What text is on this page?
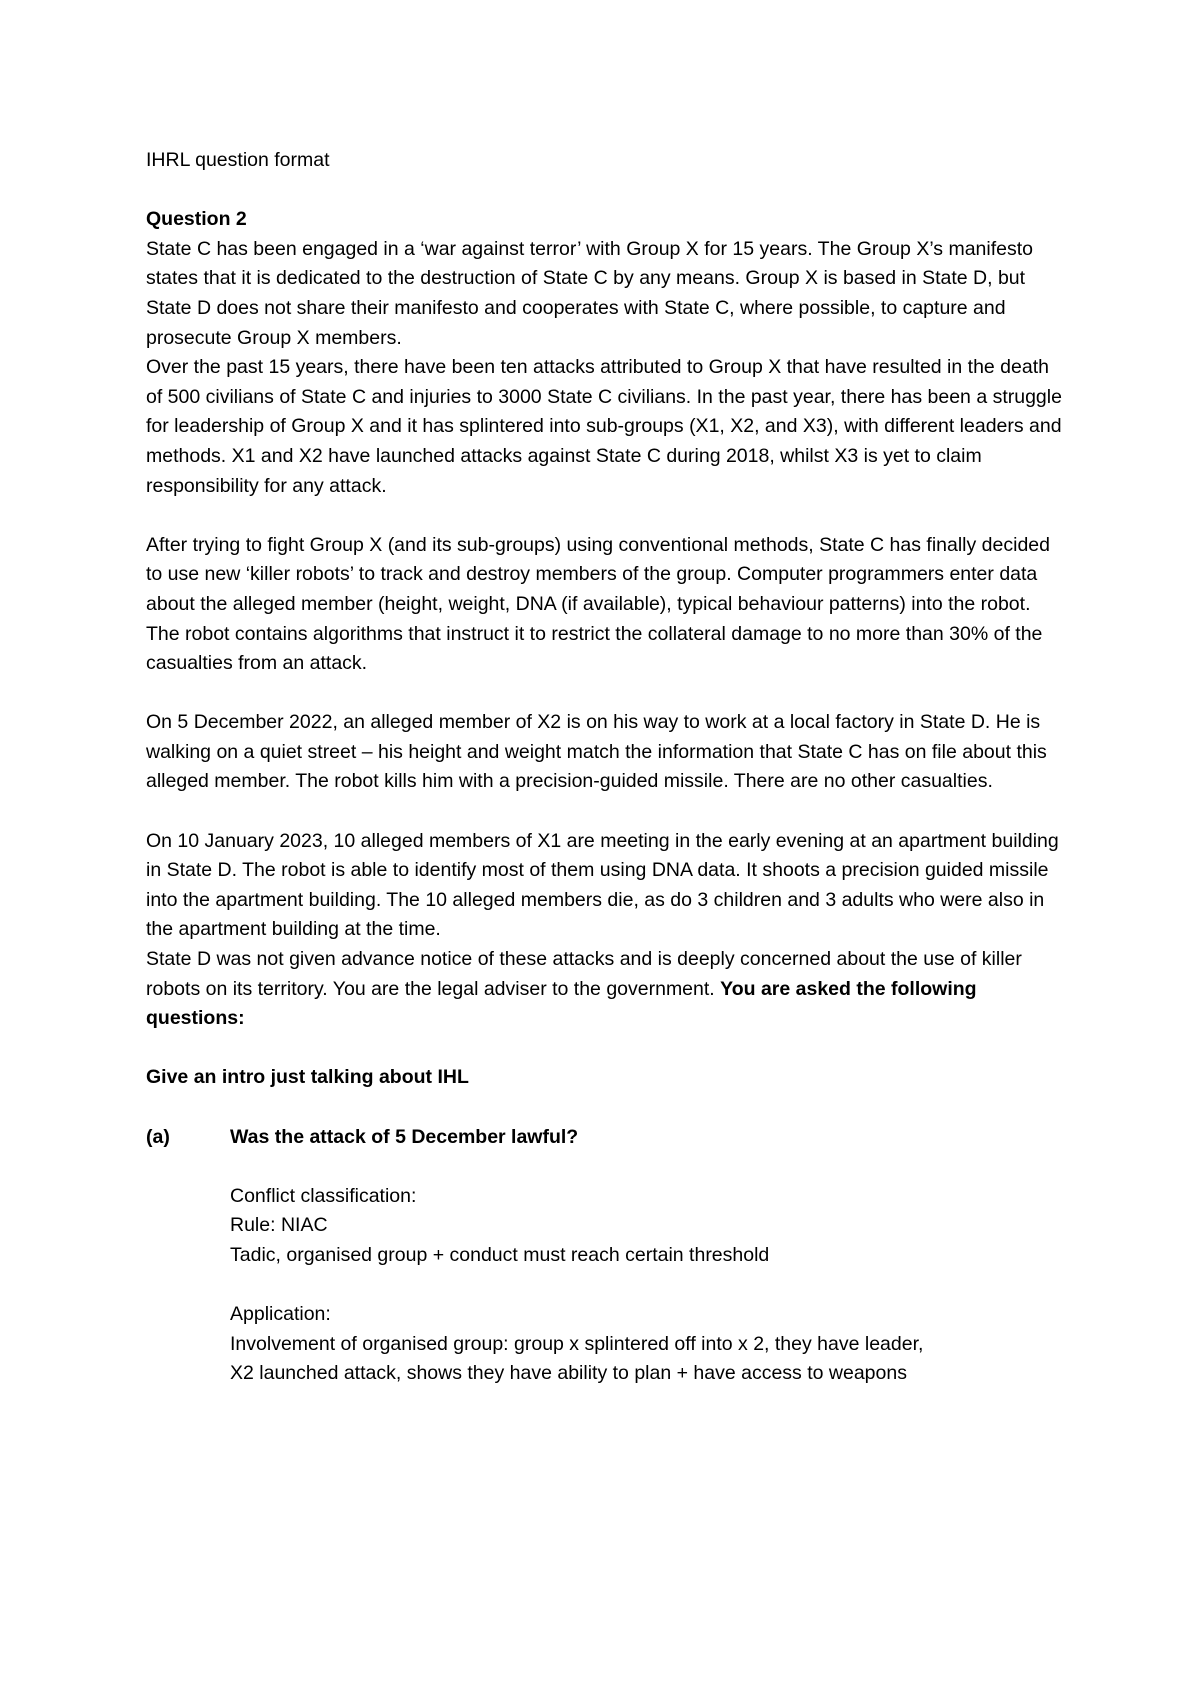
IHRL question format

Question 2

State C has been engaged in a ‘war against terror’ with Group X for 15 years. The Group X’s manifesto states that it is dedicated to the destruction of State C by any means. Group X is based in State D, but State D does not share their manifesto and cooperates with State C, where possible, to capture and prosecute Group X members.

Over the past 15 years, there have been ten attacks attributed to Group X that have resulted in the death of 500 civilians of State C and injuries to 3000 State C civilians. In the past year, there has been a struggle for leadership of Group X and it has splintered into sub-groups (X1, X2, and X3), with different leaders and methods. X1 and X2 have launched attacks against State C during 2018, whilst X3 is yet to claim responsibility for any attack.

After trying to fight Group X (and its sub-groups) using conventional methods, State C has finally decided to use new ‘killer robots’ to track and destroy members of the group. Computer programmers enter data about the alleged member (height, weight, DNA (if available), typical behaviour patterns) into the robot. The robot contains algorithms that instruct it to restrict the collateral damage to no more than 30% of the casualties from an attack.

On 5 December 2022, an alleged member of X2 is on his way to work at a local factory in State D. He is walking on a quiet street – his height and weight match the information that State C has on file about this alleged member. The robot kills him with a precision-guided missile. There are no other casualties.

On 10 January 2023, 10 alleged members of X1 are meeting in the early evening at an apartment building in State D. The robot is able to identify most of them using DNA data. It shoots a precision guided missile into the apartment building. The 10 alleged members die, as do 3 children and 3 adults who were also in the apartment building at the time.

State D was not given advance notice of these attacks and is deeply concerned about the use of killer robots on its territory. You are the legal adviser to the government. You are asked the following questions:

Give an intro just talking about IHL

(a)	Was the attack of 5 December lawful?

Conflict classification:

Rule: NIAC

Tadic, organised group + conduct must reach certain threshold

Application:

Involvement of organised group: group x splintered off into x 2, they have leader,

X2 launched attack, shows they have ability to plan + have access to weapons
